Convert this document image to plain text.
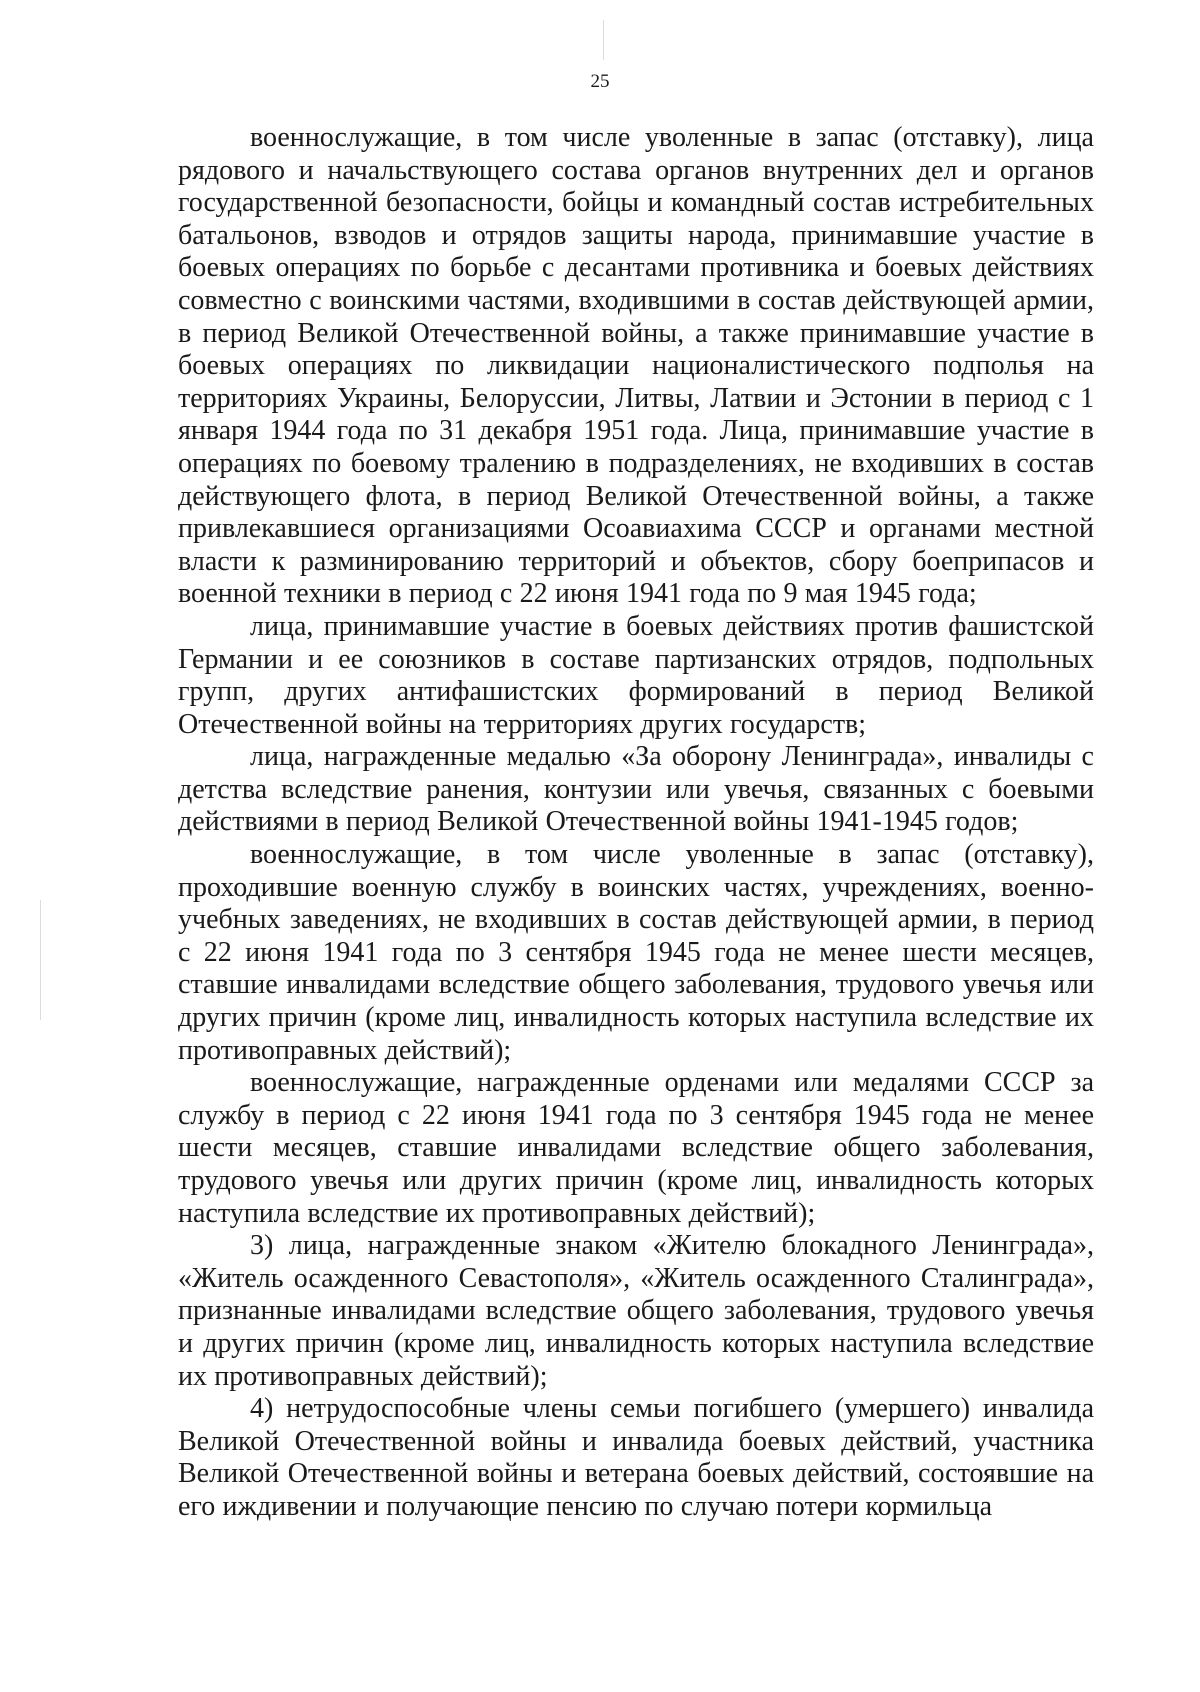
25

военнослужащие, в том числе уволенные в запас (отставку), лица рядового и начальствующего состава органов внутренних дел и органов государственной безопасности, бойцы и командный состав истребительных батальонов, взводов и отрядов защиты народа, принимавшие участие в боевых операциях по борьбе с десантами противника и боевых действиях совместно с воинскими частями, входившими в состав действующей армии, в период Великой Отечественной войны, а также принимавшие участие в боевых операциях по ликвидации националистического подполья на территориях Украины, Белоруссии, Литвы, Латвии и Эстонии в период с 1 января 1944 года по 31 декабря 1951 года. Лица, принимавшие участие в операциях по боевому тралению в подразделениях, не входивших в состав действующего флота, в период Великой Отечественной войны, а также привлекавшиеся организациями Осоавиахима СССР и органами местной власти к разминированию территорий и объектов, сбору боеприпасов и военной техники в период с 22 июня 1941 года по 9 мая 1945 года;

лица, принимавшие участие в боевых действиях против фашистской Германии и ее союзников в составе партизанских отрядов, подпольных групп, других антифашистских формирований в период Великой Отечественной войны на территориях других государств;

лица, награжденные медалью «За оборону Ленинграда», инвалиды с детства вследствие ранения, контузии или увечья, связанных с боевыми действиями в период Великой Отечественной войны 1941-1945 годов;

военнослужащие, в том числе уволенные в запас (отставку), проходившие военную службу в воинских частях, учреждениях, военно-учебных заведениях, не входивших в состав действующей армии, в период с 22 июня 1941 года по 3 сентября 1945 года не менее шести месяцев, ставшие инвалидами вследствие общего заболевания, трудового увечья или других причин (кроме лиц, инвалидность которых наступила вследствие их противоправных действий);

военнослужащие, награжденные орденами или медалями СССР за службу в период с 22 июня 1941 года по 3 сентября 1945 года не менее шести месяцев, ставшие инвалидами вследствие общего заболевания, трудового увечья или других причин (кроме лиц, инвалидность которых наступила вследствие их противоправных действий);

3) лица, награжденные знаком «Жителю блокадного Ленинграда», «Житель осажденного Севастополя», «Житель осажденного Сталинграда», признанные инвалидами вследствие общего заболевания, трудового увечья и других причин (кроме лиц, инвалидность которых наступила вследствие их противоправных действий);

4) нетрудоспособные члены семьи погибшего (умершего) инвалида Великой Отечественной войны и инвалида боевых действий, участника Великой Отечественной войны и ветерана боевых действий, состоявшие на его иждивении и получающие пенсию по случаю потери кормильца
